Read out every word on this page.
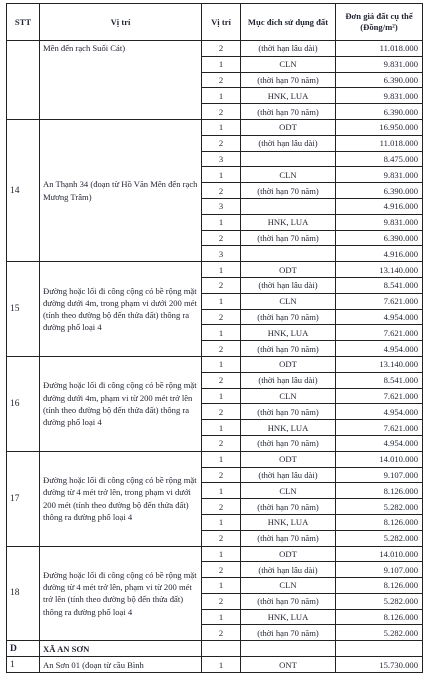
STT	Vị trí	Vị trí	Mục đích sử dụng đất	Đơn giá đất cụ thể (Đồng/m²)
	Mên đến rạch Suối Cát)	2	(thời hạn lâu dài)	11.018.000
		1	CLN	9.831.000
		2	(thời hạn 70 năm)	6.390.000
		1	HNK, LUA	9.831.000
		2	(thời hạn 70 năm)	6.390.000
14	An Thạnh 34 (đoạn từ Hồ Văn Mên đến rạch Mương Trâm)	1	ODT	16.950.000
		2	(thời hạn lâu dài)	11.018.000
		3		8.475.000
		1	CLN	9.831.000
		2	(thời hạn 70 năm)	6.390.000
		3		4.916.000
		1	HNK, LUA	9.831.000
		2	(thời hạn 70 năm)	6.390.000
		3		4.916.000
15	Đường hoặc lối đi công cộng có bề rộng mặt đường dưới 4m, trong phạm vi dưới 200 mét (tính theo đường bộ đến thửa đất) thông ra đường phố loại 4	1	ODT	13.140.000
		2	(thời hạn lâu dài)	8.541.000
		1	CLN	7.621.000
		2	(thời hạn 70 năm)	4.954.000
		1	HNK, LUA	7.621.000
		2	(thời hạn 70 năm)	4.954.000
16	Đường hoặc lối đi công cộng có bề rộng mặt đường dưới 4m, phạm vi từ 200 mét trở lên (tính theo đường bộ đến thửa đất) thông ra đường phố loại 4	1	ODT	13.140.000
		2	(thời hạn lâu dài)	8.541.000
		1	CLN	7.621.000
		2	(thời hạn 70 năm)	4.954.000
		1	HNK, LUA	7.621.000
		2	(thời hạn 70 năm)	4.954.000
17	Đường hoặc lối đi công cộng có bề rộng mặt đường từ 4 mét trở lên, trong phạm vi dưới 200 mét (tính theo đường bộ đến thửa đất) thông ra đường phố loại 4	1	ODT	14.010.000
		2	(thời hạn lâu dài)	9.107.000
		1	CLN	8.126.000
		2	(thời hạn 70 năm)	5.282.000
		1	HNK, LUA	8.126.000
		2	(thời hạn 70 năm)	5.282.000
18	Đường hoặc lối đi công cộng có bề rộng mặt đường từ 4 mét trở lên, phạm vi từ 200 mét trở lên (tính theo đường bộ đến thửa đất) thông ra đường phố loại 4	1	ODT	14.010.000
		2	(thời hạn lâu dài)	9.107.000
		1	CLN	8.126.000
		2	(thời hạn 70 năm)	5.282.000
		1	HNK, LUA	8.126.000
		2	(thời hạn 70 năm)	5.282.000
D	XÃ AN SƠN			
1	An Sơn 01 (đoạn từ cầu Bình	1	ONT	15.730.000
